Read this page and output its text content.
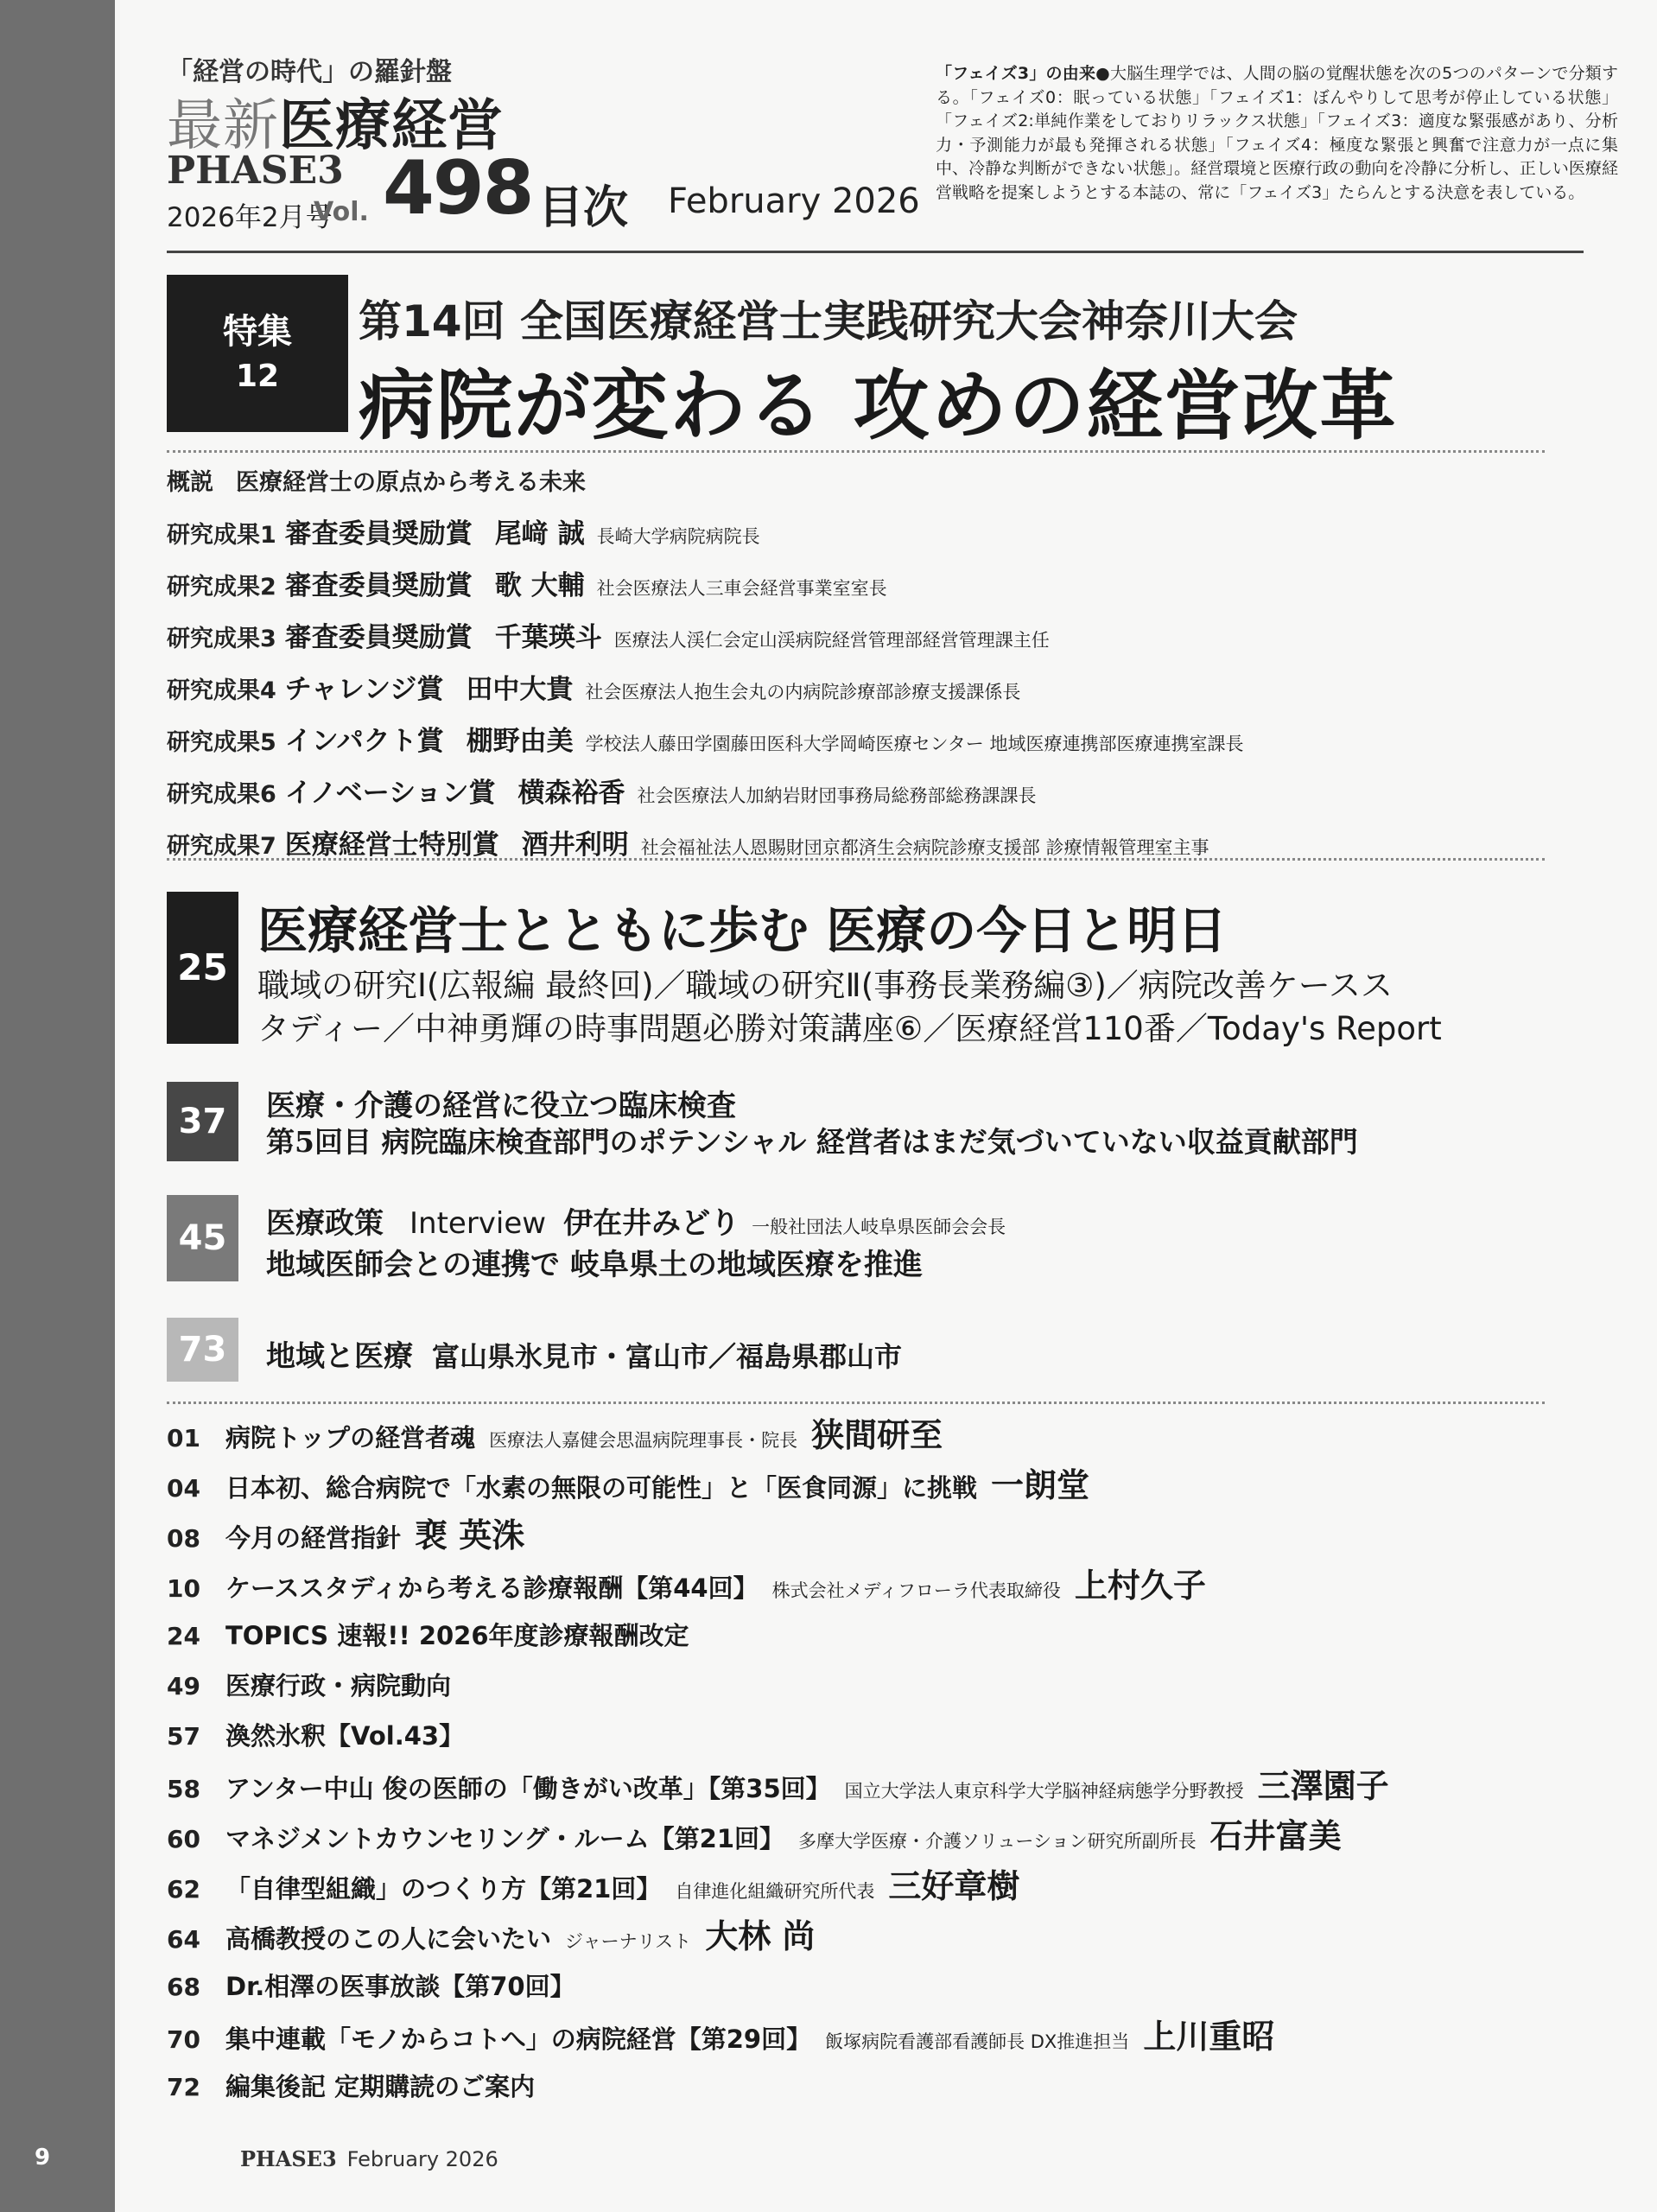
9
「経営の時代」の羅針盤
最新医療経営
PHASE3
2026年2月号
Vol. 498 目次 February 2026
「フェイズ3」の由来●大脳生理学では、人間の脳の覚醒状態を次の5つのパターンで分類する。「フェイズ0：眠っている状態」「フェイズ1：ぼんやりして思考が停止している状態」「フェイズ2:単純作業をしておりリラックス状態」「フェイズ3：適度な緊張感があり、分析力・予測能力が最も発揮される状態」「フェイズ4：極度な緊張と興奮で注意力が一点に集中、冷静な判断ができない状態」。経営環境と医療行政の動向を冷静に分析し、正しい医療経営戦略を提案しようとする本誌の、常に「フェイズ3」たらんとする決意を表している。
特集
12
第14回 全国医療経営士実践研究大会神奈川大会
病院が変わる 攻めの経営改革
概説 医療経営士の原点から考える未来
研究成果1 審査委員奨励賞 尾﨑 誠 長崎大学病院病院長
研究成果2 審査委員奨励賞 歌 大輔 社会医療法人三車会経営事業室室長
研究成果3 審査委員奨励賞 千葉瑛斗 医療法人渓仁会定山渓病院経営管理部経営管理課主任
研究成果4 チャレンジ賞 田中大貴 社会医療法人抱生会丸の内病院診療部診療支援課係長
研究成果5 インパクト賞 棚野由美 学校法人藤田学園藤田医科大学岡崎医療センター 地域医療連携部医療連携室課長
研究成果6 イノベーション賞 横森裕香 社会医療法人加納岩財団事務局総務部総務課課長
研究成果7 医療経営士特別賞 酒井利明 社会福祉法人恩賜財団京都済生会病院診療支援部 診療情報管理室主事
25
医療経営士とともに歩む 医療の今日と明日
職域の研究Ⅰ(広報編 最終回)／職域の研究Ⅱ(事務長業務編③)／病院改善ケースス
タディー／中神勇輝の時事問題必勝対策講座⑥／医療経営110番／Today's Report
37	医療・介護の経営に役立つ臨床検査
第5回目 病院臨床検査部門のポテンシャル 経営者はまだ気づいていない収益貢献部門
45	医療政策 Interview 伊在井みどり 一般社団法人岐阜県医師会会長
地域医師会との連携で 岐阜県土の地域医療を推進
73	地域と医療 富山県氷見市・富山市／福島県郡山市
01 病院トップの経営者魂 医療法人嘉健会思温病院理事長・院長 狭間研至
04 日本初、総合病院で「水素の無限の可能性」と「医食同源」に挑戦 一朗堂
08 今月の経営指針 裵 英洙
10 ケーススタディから考える診療報酬【第44回】 株式会社メディフローラ代表取締役 上村久子
24 TOPICS 速報!! 2026年度診療報酬改定
49 医療行政・病院動向
57 渙然氷釈【Vol.43】
58 アンター中山 俊の医師の「働きがい改革」【第35回】 国立大学法人東京科学大学脳神経病態学分野教授 三澤園子
60 マネジメントカウンセリング・ルーム【第21回】 多摩大学医療・介護ソリューション研究所副所長 石井富美
62 「自律型組織」のつくり方【第21回】 自律進化組織研究所代表 三好章樹
64 高橋教授のこの人に会いたい ジャーナリスト 大林 尚
68 Dr.相澤の医事放談【第70回】
70 集中連載「モノからコトへ」の病院経営【第29回】 飯塚病院看護部看護師長 DX推進担当 上川重昭
72 編集後記 定期購読のご案内
PHASE3 February 2026
